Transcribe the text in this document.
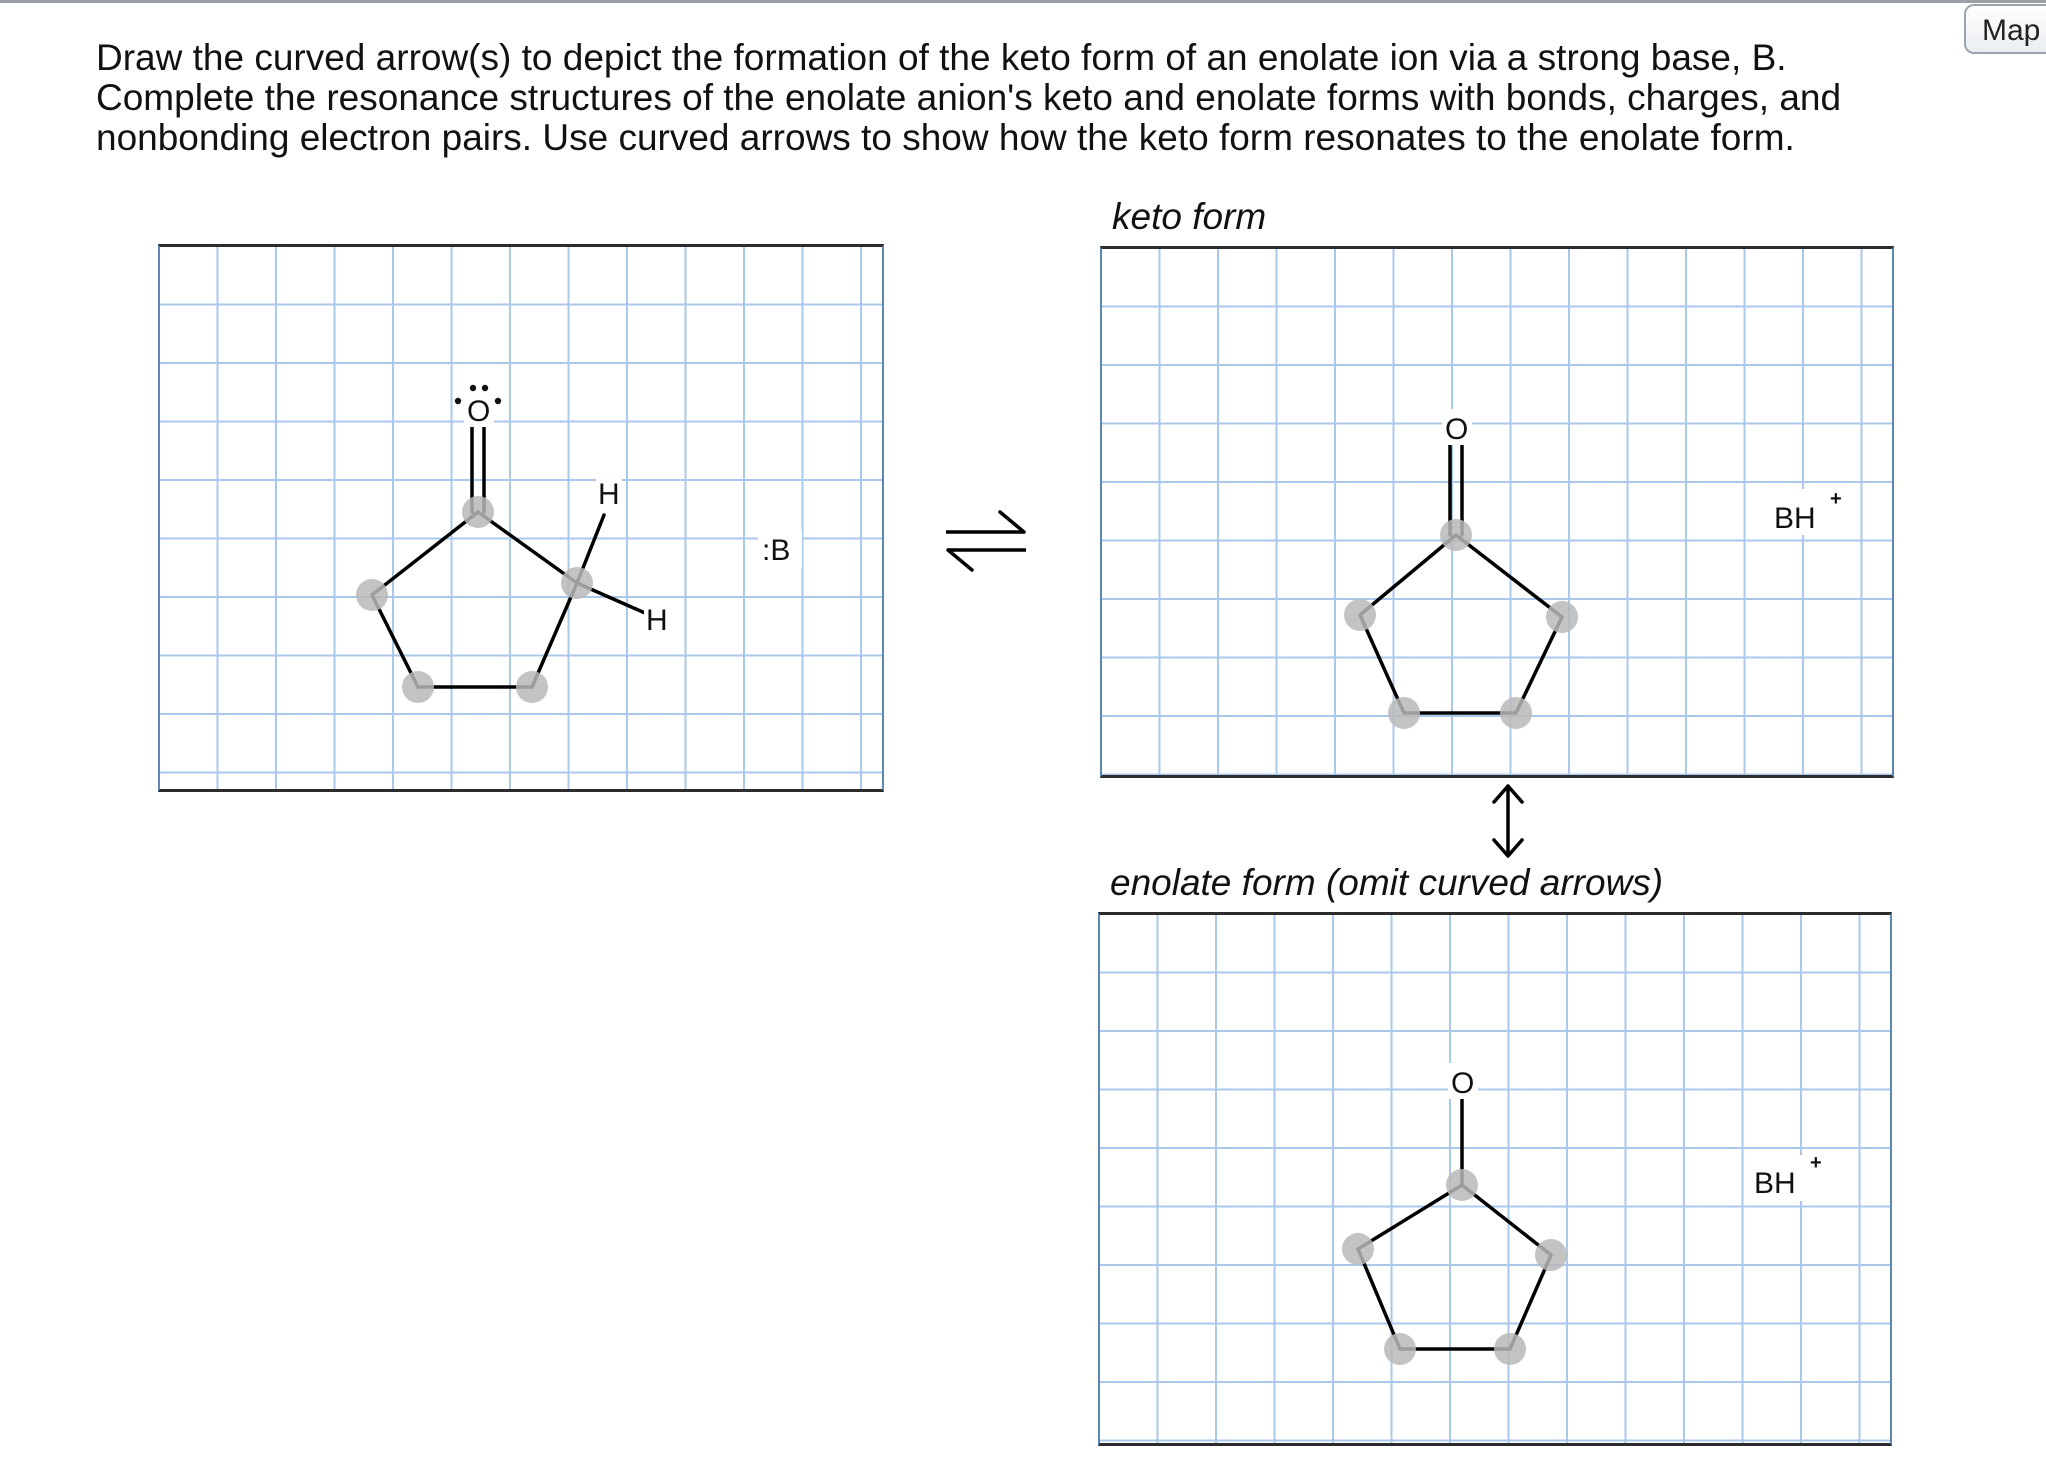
Map

Draw the curved arrow(s) to depict the formation of the keto form of an enolate ion via a strong base, B.

Complete the resonance structures of the enolate anion's keto and enolate forms with bonds, charges, and

nonbonding electron pairs. Use curved arrows to show how the keto form resonates to the enolate form.

O
H
H
:B
keto form
O
BH
+
enolate form (omit curved arrows)
O
BH
+
